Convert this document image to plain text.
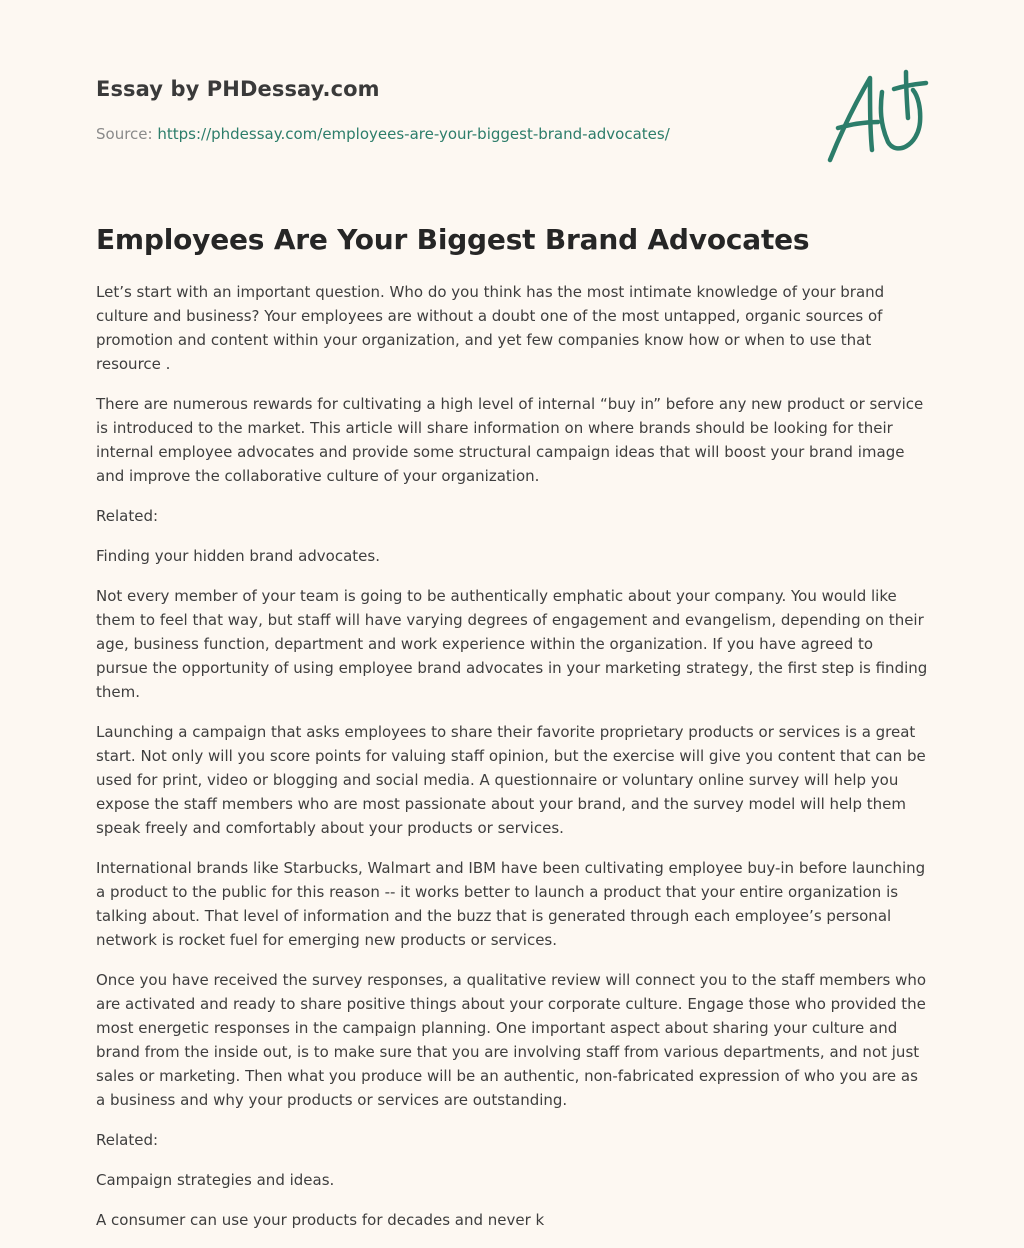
Essay by PHDessay.com
Source: https://phdessay.com/employees-are-your-biggest-brand-advocates/
Employees Are Your Biggest Brand Advocates

Let’s start with an important question. Who do you think has the most intimate knowledge of your brand culture and business? Your employees are without a doubt one of the most untapped, organic sources of promotion and content within your organization, and yet few companies know how or when to use that resource .

There are numerous rewards for cultivating a high level of internal “buy in” before any new product or service is introduced to the market. This article will share information on where brands should be looking for their internal employee advocates and provide some structural campaign ideas that will boost your brand image and improve the collaborative culture of your organization.

Related:

Finding your hidden brand advocates.

Not every member of your team is going to be authentically emphatic about your company. You would like them to feel that way, but staff will have varying degrees of engagement and evangelism, depending on their age, business function, department and work experience within the organization. If you have agreed to pursue the opportunity of using employee brand advocates in your marketing strategy, the first step is finding them.

Launching a campaign that asks employees to share their favorite proprietary products or services is a great start. Not only will you score points for valuing staff opinion, but the exercise will give you content that can be used for print, video or blogging and social media. A questionnaire or voluntary online survey will help you expose the staff members who are most passionate about your brand, and the survey model will help them speak freely and comfortably about your products or services.

International brands like Starbucks, Walmart and IBM have been cultivating employee buy-in before launching a product to the public for this reason -- it works better to launch a product that your entire organization is talking about. That level of information and the buzz that is generated through each employee’s personal network is rocket fuel for emerging new products or services.

Once you have received the survey responses, a qualitative review will connect you to the staff members who are activated and ready to share positive things about your corporate culture. Engage those who provided the most energetic responses in the campaign planning. One important aspect about sharing your culture and brand from the inside out, is to make sure that you are involving staff from various departments, and not just sales or marketing. Then what you produce will be an authentic, non-fabricated expression of who you are as a business and why your products or services are outstanding.

Related:

Campaign strategies and ideas.

A consumer can use your products for decades and never k
